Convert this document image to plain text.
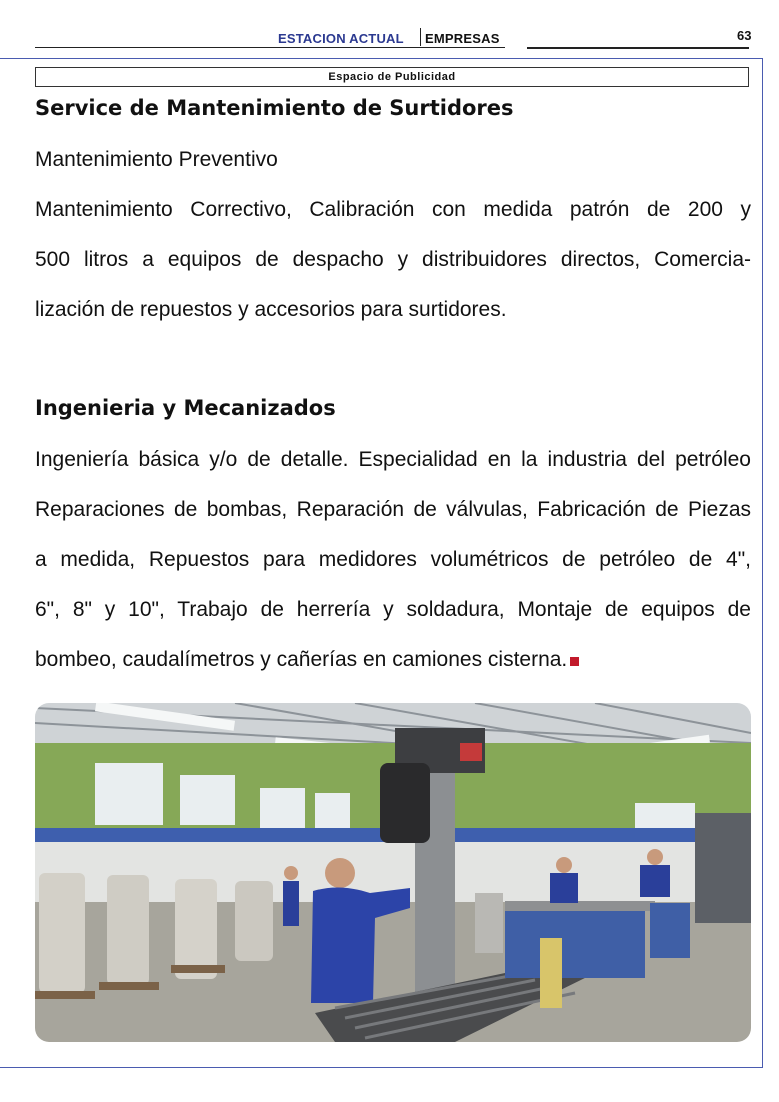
ESTACION ACTUAL EMPRESAS	63
Espacio de Publicidad
Service de Mantenimiento de Surtidores
Mantenimiento Preventivo
Mantenimiento Correctivo, Calibración con medida patrón de 200 y
500 litros a equipos de despacho y distribuidores directos, Comercia-
lización de repuestos y accesorios para surtidores.
Ingenieria y Mecanizados
Ingeniería básica y/o de detalle. Especialidad en la industria del petróleo
Reparaciones de bombas, Reparación de válvulas, Fabricación de Piezas
a medida, Repuestos para medidores volumétricos de petróleo de 4",
6", 8" y 10", Trabajo de herrería y soldadura, Montaje de equipos de
bombeo, caudalímetros y cañerías en camiones cisterna.
